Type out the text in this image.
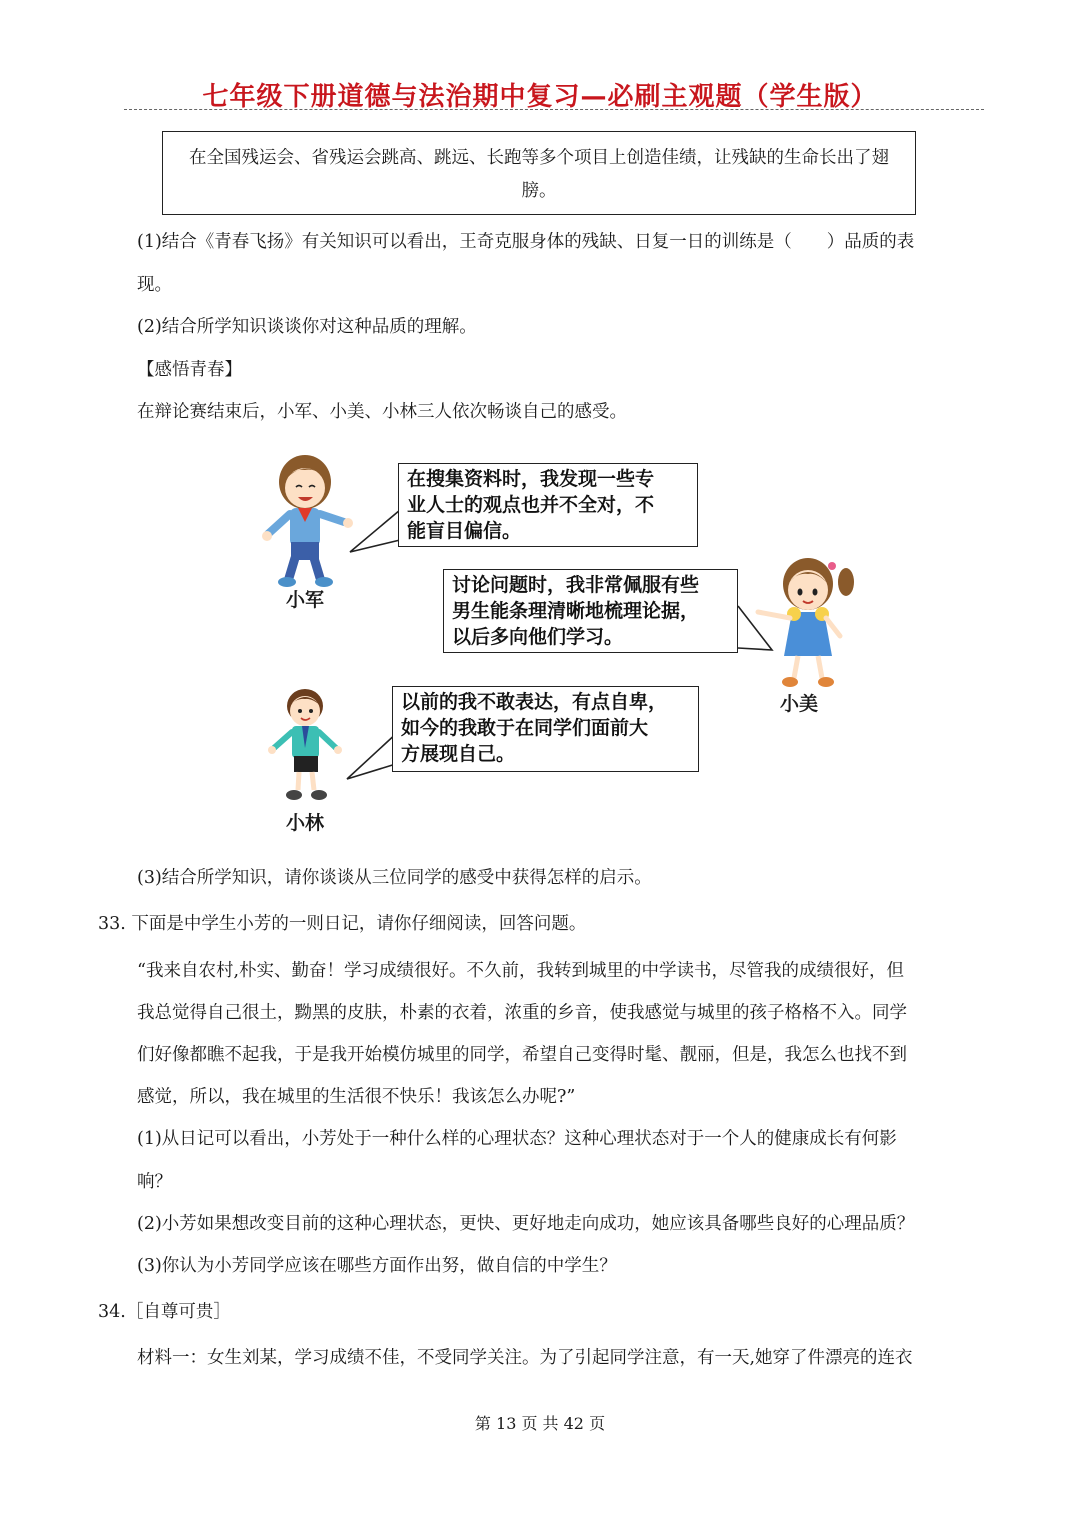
七年级下册道德与法治期中复习—必刷主观题（学生版）
在全国残运会、省残运会跳高、跳远、长跑等多个项目上创造佳绩，让残缺的生命长出了翅膀。
(1)结合《青春飞扬》有关知识可以看出，王奇克服身体的残缺、日复一日的训练是（　　）品质的表
现。
(2)结合所学知识谈谈你对这种品质的理解。
【感悟青春】
在辩论赛结束后，小军、小美、小林三人依次畅谈自己的感受。
小军
在搜集资料时，我发现一些专
业人士的观点也并不全对，不
能盲目偏信。
讨论问题时，我非常佩服有些
男生能条理清晰地梳理论据，
以后多向他们学习。
小美
小林
以前的我不敢表达，有点自卑，
如今的我敢于在同学们面前大
方展现自己。
(3)结合所学知识，请你谈谈从三位同学的感受中获得怎样的启示。
33. 下面是中学生小芳的一则日记，请你仔细阅读，回答问题。
“我来自农村,朴实、勤奋！学习成绩很好。不久前，我转到城里的中学读书，尽管我的成绩很好，但
我总觉得自己很土，黝黑的皮肤，朴素的衣着，浓重的乡音，使我感觉与城里的孩子格格不入。同学
们好像都瞧不起我，于是我开始模仿城里的同学，希望自己变得时髦、靓丽，但是，我怎么也找不到
感觉，所以，我在城里的生活很不快乐！我该怎么办呢?”
(1)从日记可以看出，小芳处于一种什么样的心理状态？这种心理状态对于一个人的健康成长有何影
响？
(2)小芳如果想改变目前的这种心理状态，更快、更好地走向成功，她应该具备哪些良好的心理品质？
(3)你认为小芳同学应该在哪些方面作出努，做自信的中学生？
34.［自尊可贵］
材料一：女生刘某，学习成绩不佳，不受同学关注。为了引起同学注意，有一天,她穿了件漂亮的连衣
第 13 页 共 42 页
